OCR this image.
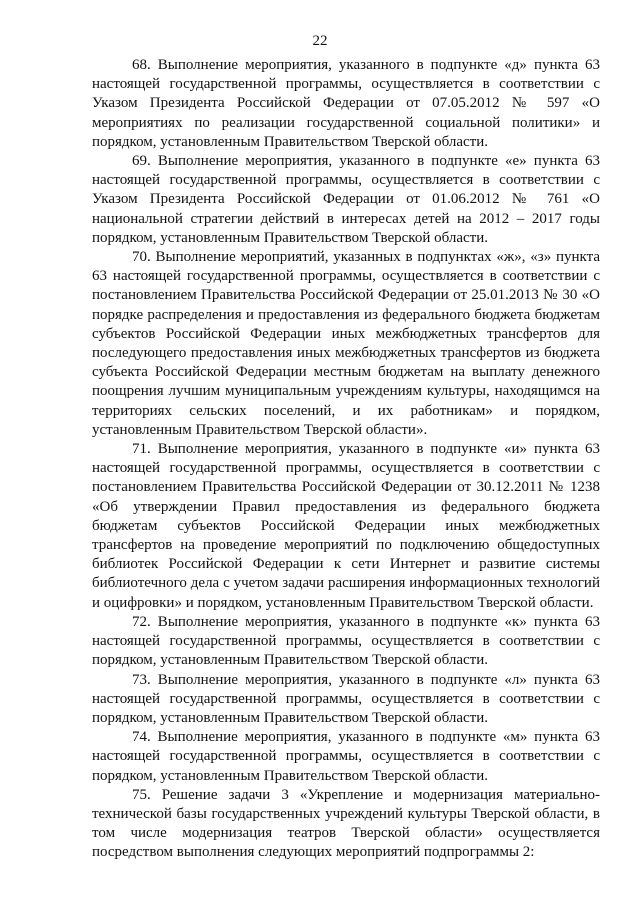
22

68. Выполнение мероприятия, указанного в подпункте «д» пункта 63 настоящей государственной программы, осуществляется в соответствии с Указом Президента Российской Федерации от 07.05.2012 № 597 «О мероприятиях по реализации государственной социальной политики» и порядком, установленным Правительством Тверской области.

69. Выполнение мероприятия, указанного в подпункте «е» пункта 63 настоящей государственной программы, осуществляется в соответствии с Указом Президента Российской Федерации от 01.06.2012 № 761 «О национальной стратегии действий в интересах детей на 2012 – 2017 годы порядком, установленным Правительством Тверской области.

70. Выполнение мероприятий, указанных в подпунктах «ж», «з» пункта 63 настоящей государственной программы, осуществляется в соответствии с постановлением Правительства Российской Федерации от 25.01.2013 № 30 «О порядке распределения и предоставления из федерального бюджета бюджетам субъектов Российской Федерации иных межбюджетных трансфертов для последующего предоставления иных межбюджетных трансфертов из бюджета субъекта Российской Федерации местным бюджетам на выплату денежного поощрения лучшим муниципальным учреждениям культуры, находящимся на территориях сельских поселений, и их работникам» и порядком, установленным Правительством Тверской области».

71. Выполнение мероприятия, указанного в подпункте «и» пункта 63 настоящей государственной программы, осуществляется в соответствии с постановлением Правительства Российской Федерации от 30.12.2011 № 1238 «Об утверждении Правил предоставления из федерального бюджета бюджетам субъектов Российской Федерации иных межбюджетных трансфертов на проведение мероприятий по подключению общедоступных библиотек Российской Федерации к сети Интернет и развитие системы библиотечного дела с учетом задачи расширения информационных технологий и оцифровки» и порядком, установленным Правительством Тверской области.

72. Выполнение мероприятия, указанного в подпункте «к» пункта 63 настоящей государственной программы, осуществляется в соответствии с порядком, установленным Правительством Тверской области.

73. Выполнение мероприятия, указанного в подпункте «л» пункта 63 настоящей государственной программы, осуществляется в соответствии с порядком, установленным Правительством Тверской области.

74. Выполнение мероприятия, указанного в подпункте «м» пункта 63 настоящей государственной программы, осуществляется в соответствии с порядком, установленным Правительством Тверской области.

75. Решение задачи 3 «Укрепление и модернизация материально-технической базы государственных учреждений культуры Тверской области, в том числе модернизация театров Тверской области» осуществляется посредством выполнения следующих мероприятий подпрограммы 2:
